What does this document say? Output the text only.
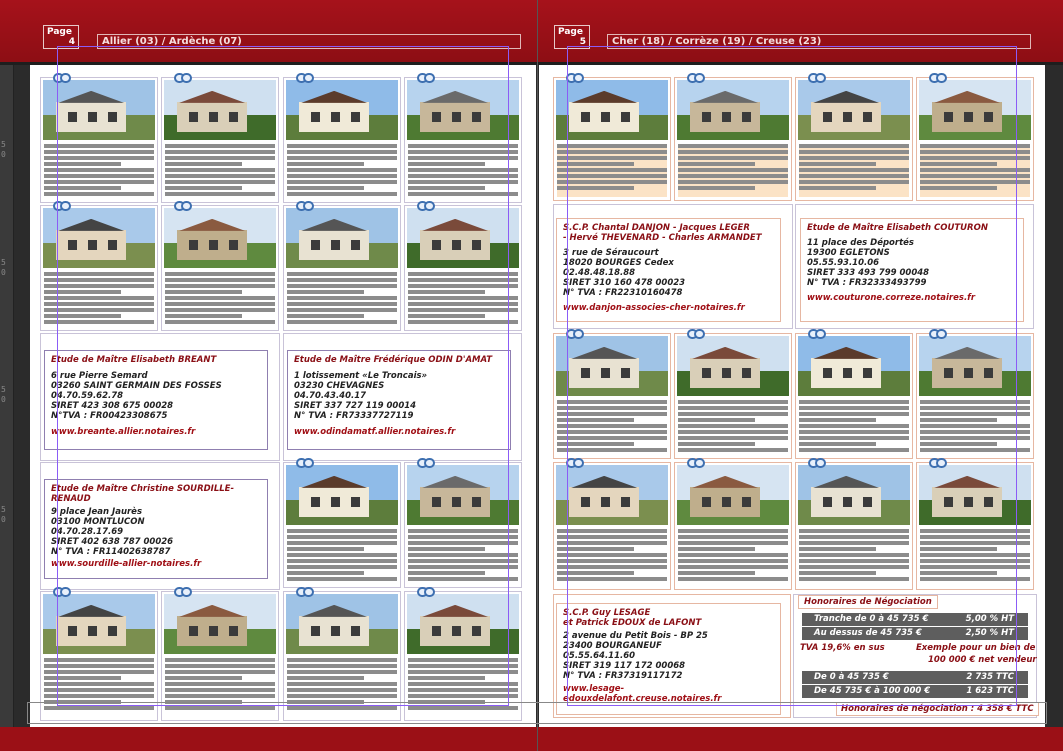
5
0
5
0
5
0
5
0
Page
4	Allier (03) / Ardèche (07)
Page
5	Cher (18) / Corrèze (19) / Creuse (23)
Etude de Maître Elisabeth BREANT
6 rue Pierre Semard
03260 SAINT GERMAIN DES FOSSES
04.70.59.62.78
SIRET 423 308 675 00028
N°TVA : FR00423308675
www.breante.allier.notaires.fr
Etude de Maître Frédérique ODIN D'AMAT
1 lotissement «Le Troncais»
03230 CHEVAGNES
04.70.43.40.17
SIRET 337 727 119 00014
N° TVA : FR73337727119
www.odindamatf.allier.notaires.fr
Etude de Maître Christine SOURDILLE-RENAUD
9 place Jean Jaurès
03100 MONTLUCON
04.70.28.17.69
SIRET 402 638 787 00026
N° TVA : FR11402638787
www.sourdille-allier-notaires.fr
S.C.P. Chantal DANJON - Jacques LEGER
- Hervé THEVENARD - Charles ARMANDET
3 rue de Séraucourt
18020 BOURGES Cedex
02.48.48.18.88
SIRET 310 160 478 00023
N° TVA : FR22310160478
www.danjon-associes-cher-notaires.fr
Etude de Maître Elisabeth COUTURON
11 place des Déportés
19300 EGLETONS
05.55.93.10.06
SIRET 333 493 799 00048
N° TVA : FR32333493799
www.couturone.correze.notaires.fr
S.C.P. Guy LESAGE
et Patrick EDOUX de LAFONT
2 avenue du Petit Bois - BP 25
23400 BOURGANEUF
05.55.64.11.60
SIRET 319 117 172 00068
N° TVA : FR37319117172
www.lesage-edouxdelafont.creuse.notaires.fr
Honoraires de Négociation
Tranche de 0 à 45 735 €	5,00 % HT
Au dessus de 45 735 €	2,50 % HT
TVA 19,6% en sus	Exemple pour un bien de
100 000 € net vendeur
De 0 à 45 735 €	2 735 TTC
De 45 735 € à 100 000 €	1 623 TTC
Honoraires de négociation : 4 358 € TTC
